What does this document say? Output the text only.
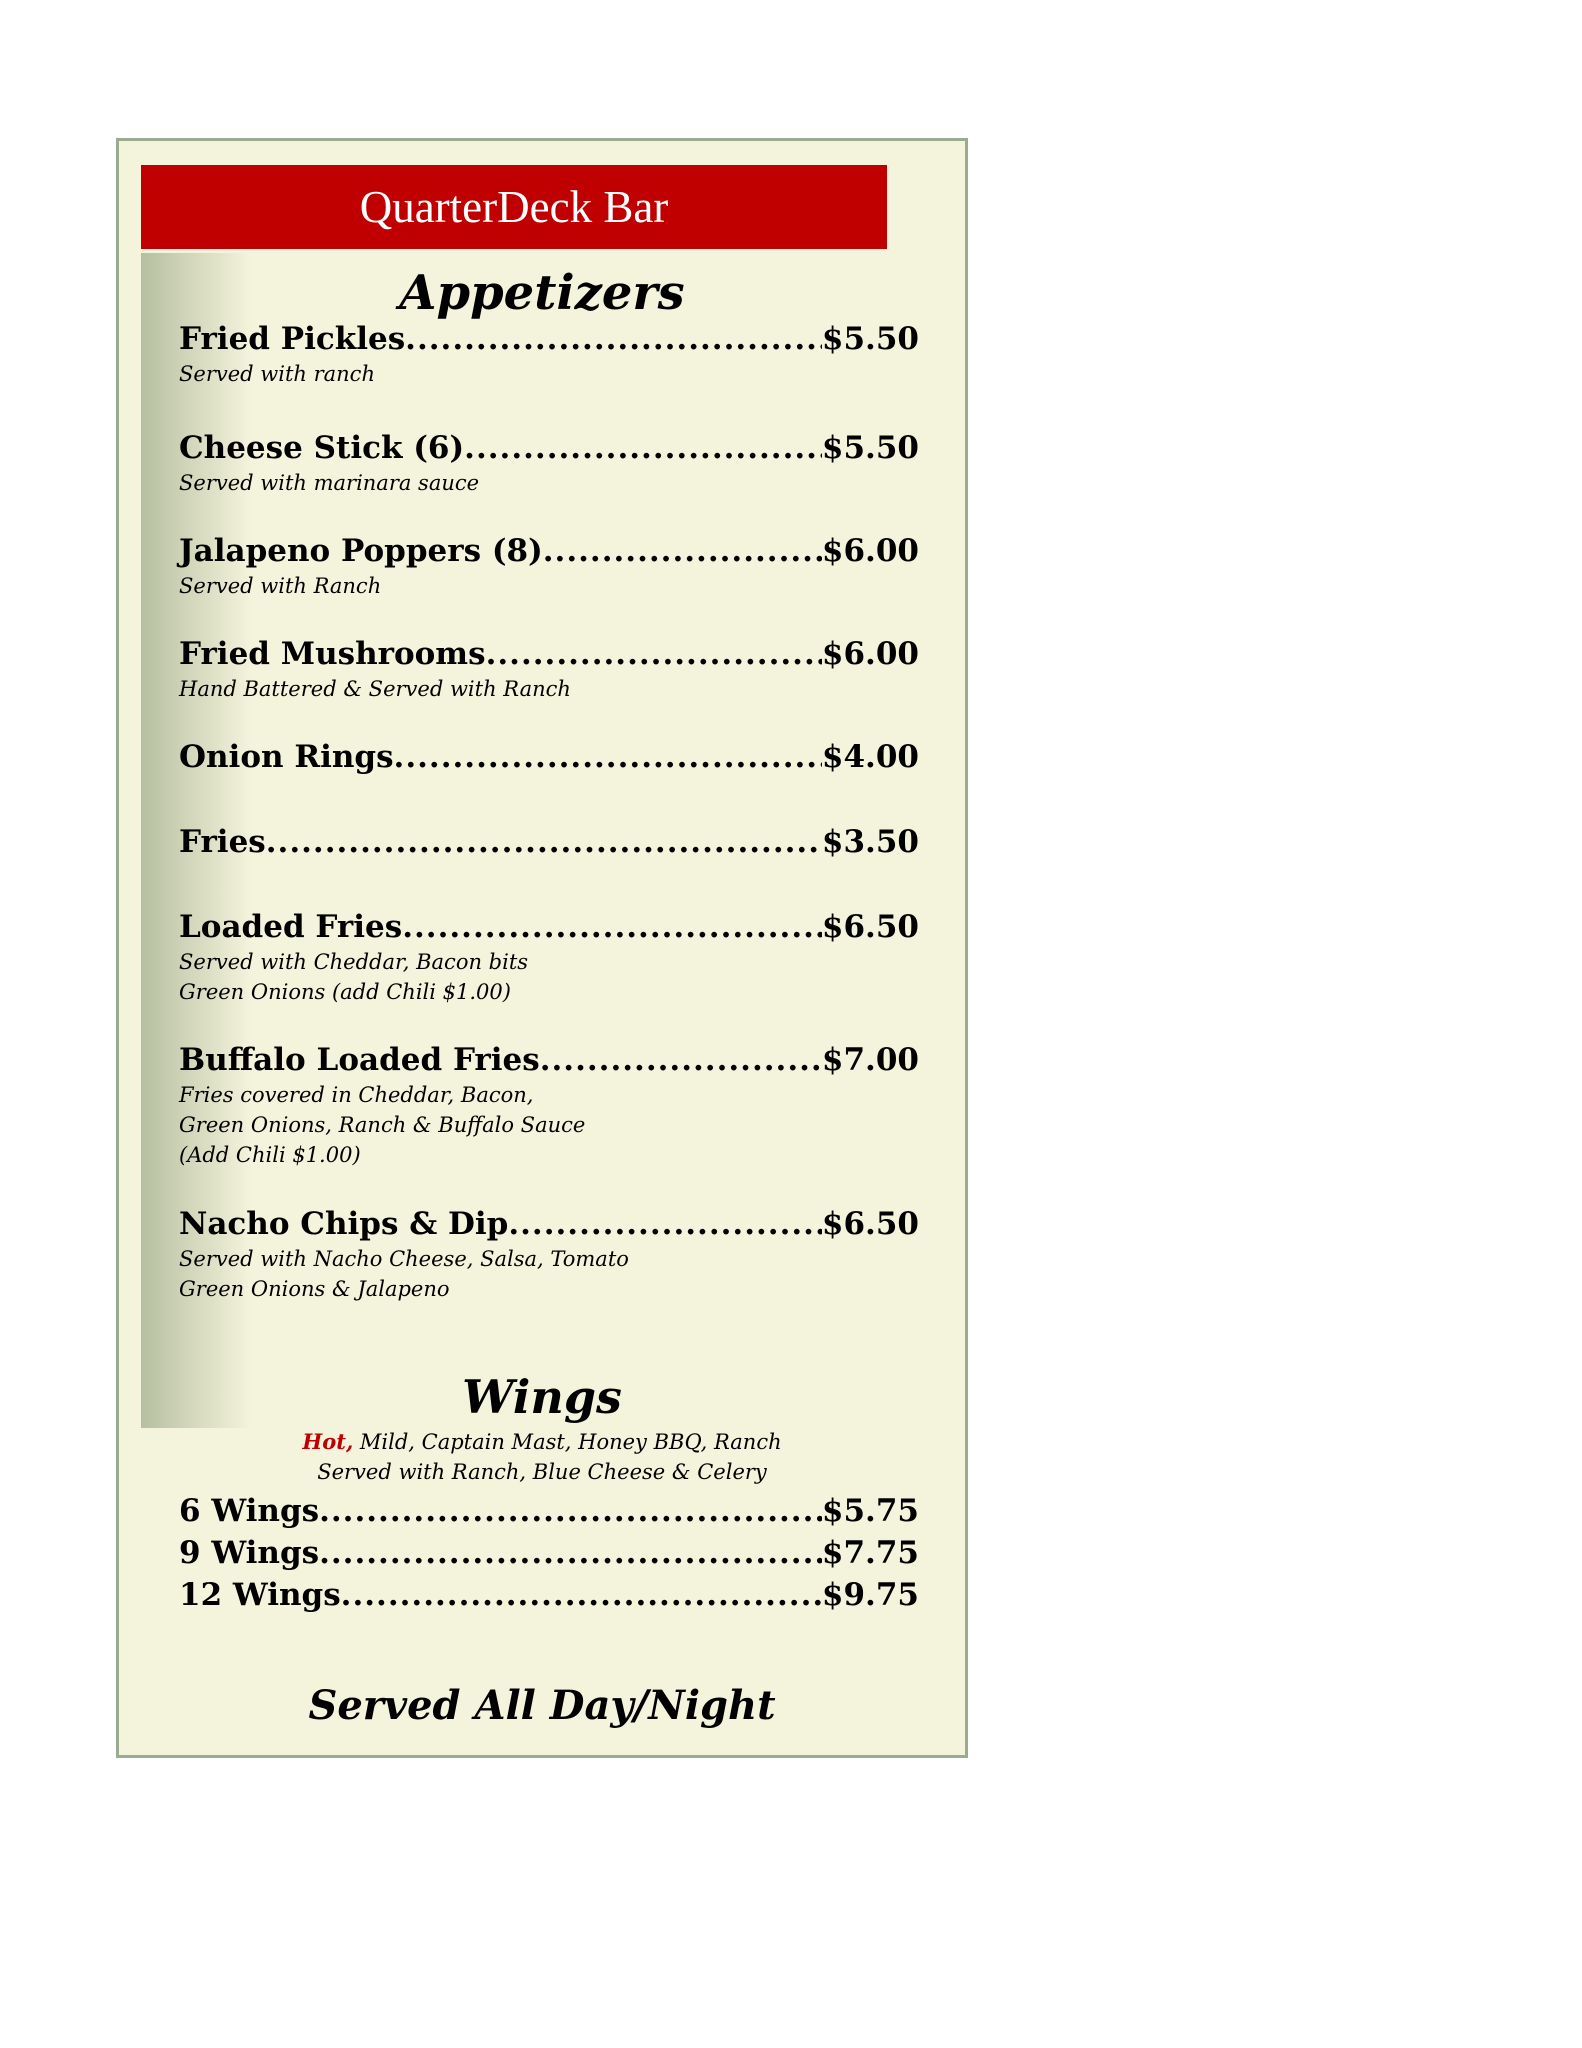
QuarterDeck Bar
Appetizers
Fried Pickles .....	$5.50
Served with ranch
Cheese Stick (6) .....	$5.50
Served with marinara sauce
Jalapeno Poppers (8) .....	$6.00
Served with Ranch
Fried Mushrooms .....	$6.00
Hand Battered & Served with Ranch
Onion Rings .....	$4.00
Fries .....	$3.50
Loaded Fries .....	$6.50
Served with Cheddar, Bacon bits
Green Onions (add Chili $1.00)
Buffalo Loaded Fries .....	$7.00
Fries covered in Cheddar, Bacon,
Green Onions, Ranch & Buffalo Sauce
(Add Chili $1.00)
Nacho Chips & Dip .....	$6.50
Served with Nacho Cheese, Salsa, Tomato
Green Onions & Jalapeno
Wings
Hot, Mild, Captain Mast, Honey BBQ, Ranch
Served with Ranch, Blue Cheese & Celery
6 Wings .....	$5.75
9 Wings .....	$7.75
12 Wings .....	$9.75
Served All Day/Night
